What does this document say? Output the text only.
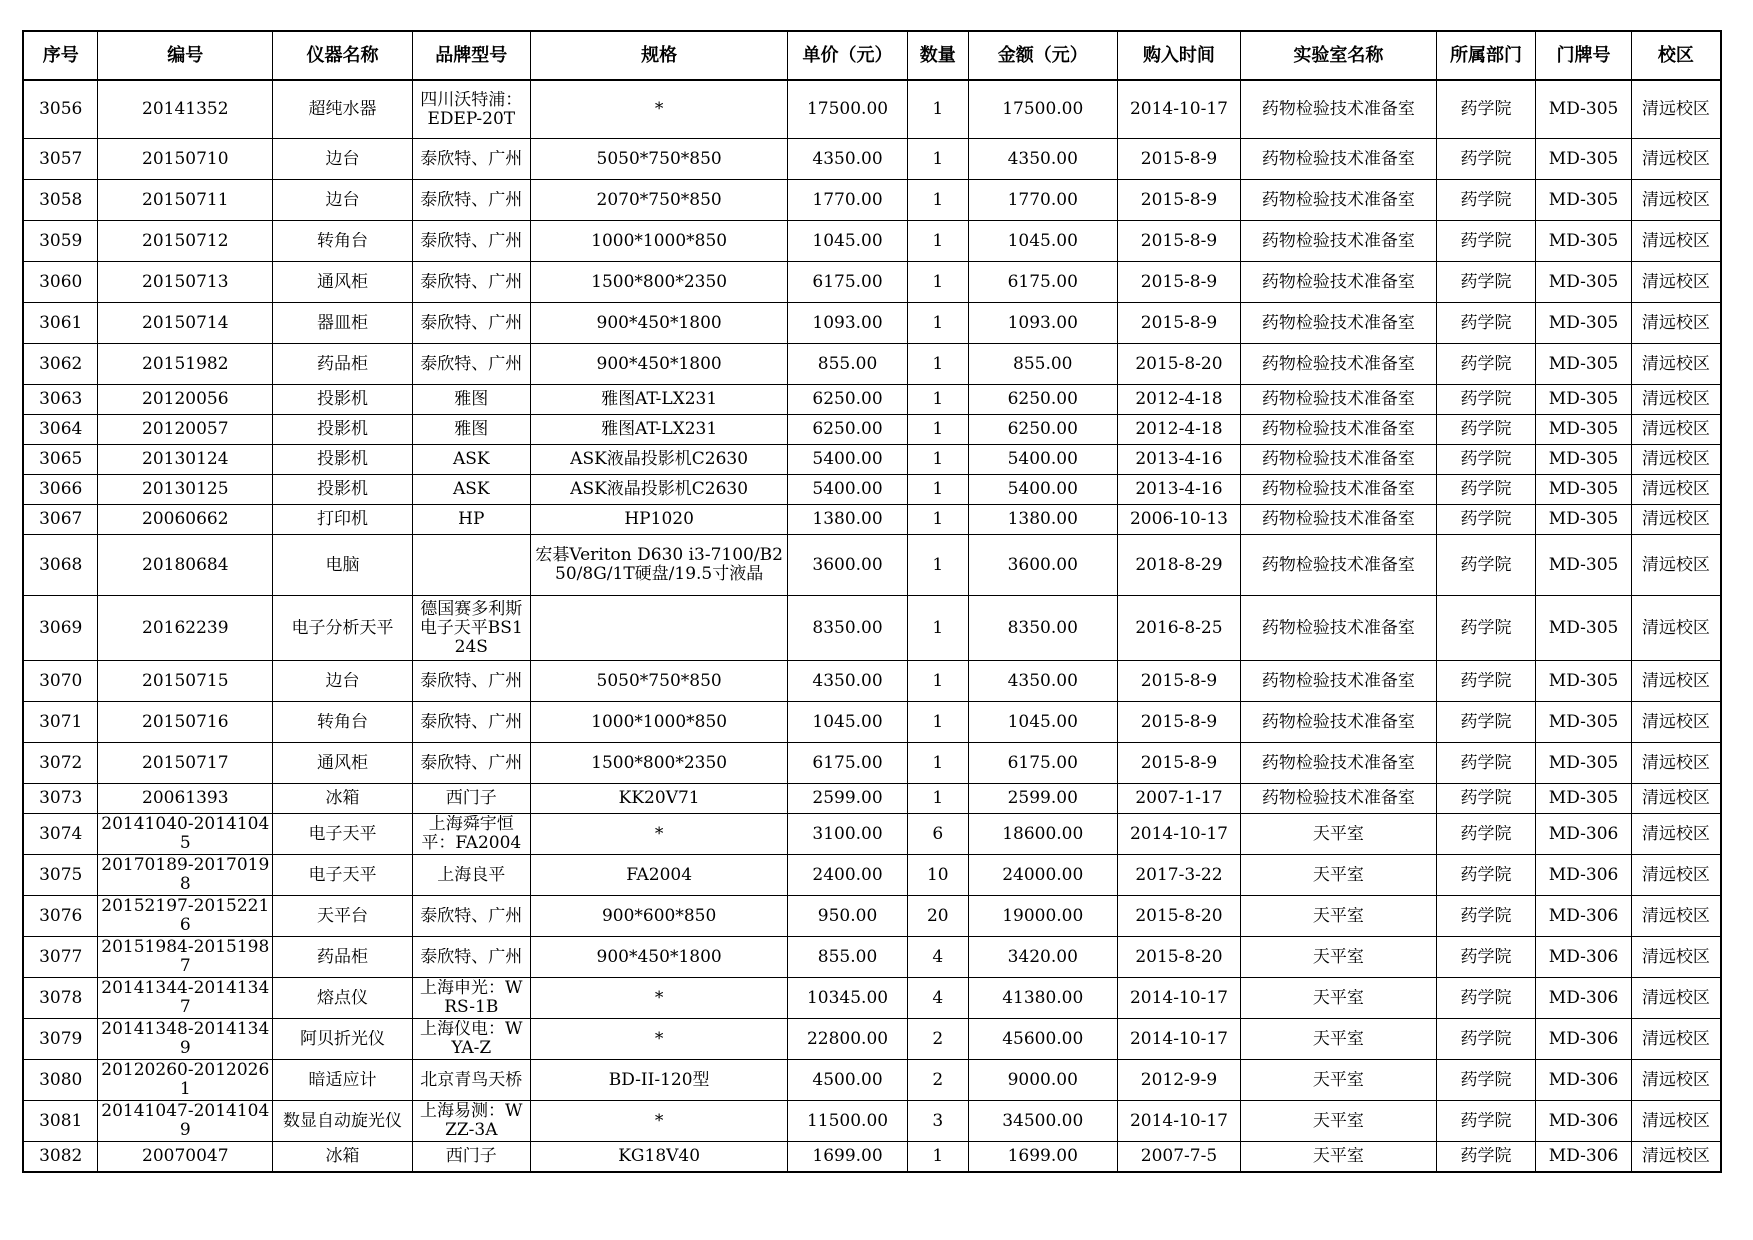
序号	编号	仪器名称	品牌型号	规格	单价（元）	数量	金额（元）	购入时间	实验室名称	所属部门	门牌号	校区

3056	20141352	超纯水器	四川沃特浦：EDEP-20T	*	17500.00	1	17500.00	2014-10-17	药物检验技术准备室	药学院	MD-305	清远校区

3057	20150710	边台	泰欣特、广州	5050*750*850	4350.00	1	4350.00	2015-8-9	药物检验技术准备室	药学院	MD-305	清远校区

3058	20150711	边台	泰欣特、广州	2070*750*850	1770.00	1	1770.00	2015-8-9	药物检验技术准备室	药学院	MD-305	清远校区

3059	20150712	转角台	泰欣特、广州	1000*1000*850	1045.00	1	1045.00	2015-8-9	药物检验技术准备室	药学院	MD-305	清远校区

3060	20150713	通风柜	泰欣特、广州	1500*800*2350	6175.00	1	6175.00	2015-8-9	药物检验技术准备室	药学院	MD-305	清远校区

3061	20150714	器皿柜	泰欣特、广州	900*450*1800	1093.00	1	1093.00	2015-8-9	药物检验技术准备室	药学院	MD-305	清远校区

3062	20151982	药品柜	泰欣特、广州	900*450*1800	855.00	1	855.00	2015-8-20	药物检验技术准备室	药学院	MD-305	清远校区

3063	20120056	投影机	雅图	雅图AT-LX231	6250.00	1	6250.00	2012-4-18	药物检验技术准备室	药学院	MD-305	清远校区

3064	20120057	投影机	雅图	雅图AT-LX231	6250.00	1	6250.00	2012-4-18	药物检验技术准备室	药学院	MD-305	清远校区

3065	20130124	投影机	ASK	ASK液晶投影机C2630	5400.00	1	5400.00	2013-4-16	药物检验技术准备室	药学院	MD-305	清远校区

3066	20130125	投影机	ASK	ASK液晶投影机C2630	5400.00	1	5400.00	2013-4-16	药物检验技术准备室	药学院	MD-305	清远校区

3067	20060662	打印机	HP	HP1020	1380.00	1	1380.00	2006-10-13	药物检验技术准备室	药学院	MD-305	清远校区

3068	20180684	电脑		宏碁Veriton D630 i3-7100/B250/8G/1T硬盘/19.5寸液晶	3600.00	1	3600.00	2018-8-29	药物检验技术准备室	药学院	MD-305	清远校区

3069	20162239	电子分析天平	德国赛多利斯电子天平BS124S		8350.00	1	8350.00	2016-8-25	药物检验技术准备室	药学院	MD-305	清远校区

3070	20150715	边台	泰欣特、广州	5050*750*850	4350.00	1	4350.00	2015-8-9	药物检验技术准备室	药学院	MD-305	清远校区

3071	20150716	转角台	泰欣特、广州	1000*1000*850	1045.00	1	1045.00	2015-8-9	药物检验技术准备室	药学院	MD-305	清远校区

3072	20150717	通风柜	泰欣特、广州	1500*800*2350	6175.00	1	6175.00	2015-8-9	药物检验技术准备室	药学院	MD-305	清远校区

3073	20061393	冰箱	西门子	KK20V71	2599.00	1	2599.00	2007-1-17	药物检验技术准备室	药学院	MD-305	清远校区

3074	20141040-20141045	电子天平	上海舜宇恒平：FA2004	*	3100.00	6	18600.00	2014-10-17	天平室	药学院	MD-306	清远校区

3075	20170189-20170198	电子天平	上海良平	FA2004	2400.00	10	24000.00	2017-3-22	天平室	药学院	MD-306	清远校区

3076	20152197-20152216	天平台	泰欣特、广州	900*600*850	950.00	20	19000.00	2015-8-20	天平室	药学院	MD-306	清远校区

3077	20151984-20151987	药品柜	泰欣特、广州	900*450*1800	855.00	4	3420.00	2015-8-20	天平室	药学院	MD-306	清远校区

3078	20141344-20141347	熔点仪	上海申光：WRS-1B	*	10345.00	4	41380.00	2014-10-17	天平室	药学院	MD-306	清远校区

3079	20141348-20141349	阿贝折光仪	上海仪电：WYA-Z	*	22800.00	2	45600.00	2014-10-17	天平室	药学院	MD-306	清远校区

3080	20120260-20120261	暗适应计	北京青鸟天桥	BD-II-120型	4500.00	2	9000.00	2012-9-9	天平室	药学院	MD-306	清远校区

3081	20141047-20141049	数显自动旋光仪	上海易测：WZZ-3A	*	11500.00	3	34500.00	2014-10-17	天平室	药学院	MD-306	清远校区

3082	20070047	冰箱	西门子	KG18V40	1699.00	1	1699.00	2007-7-5	天平室	药学院	MD-306	清远校区
